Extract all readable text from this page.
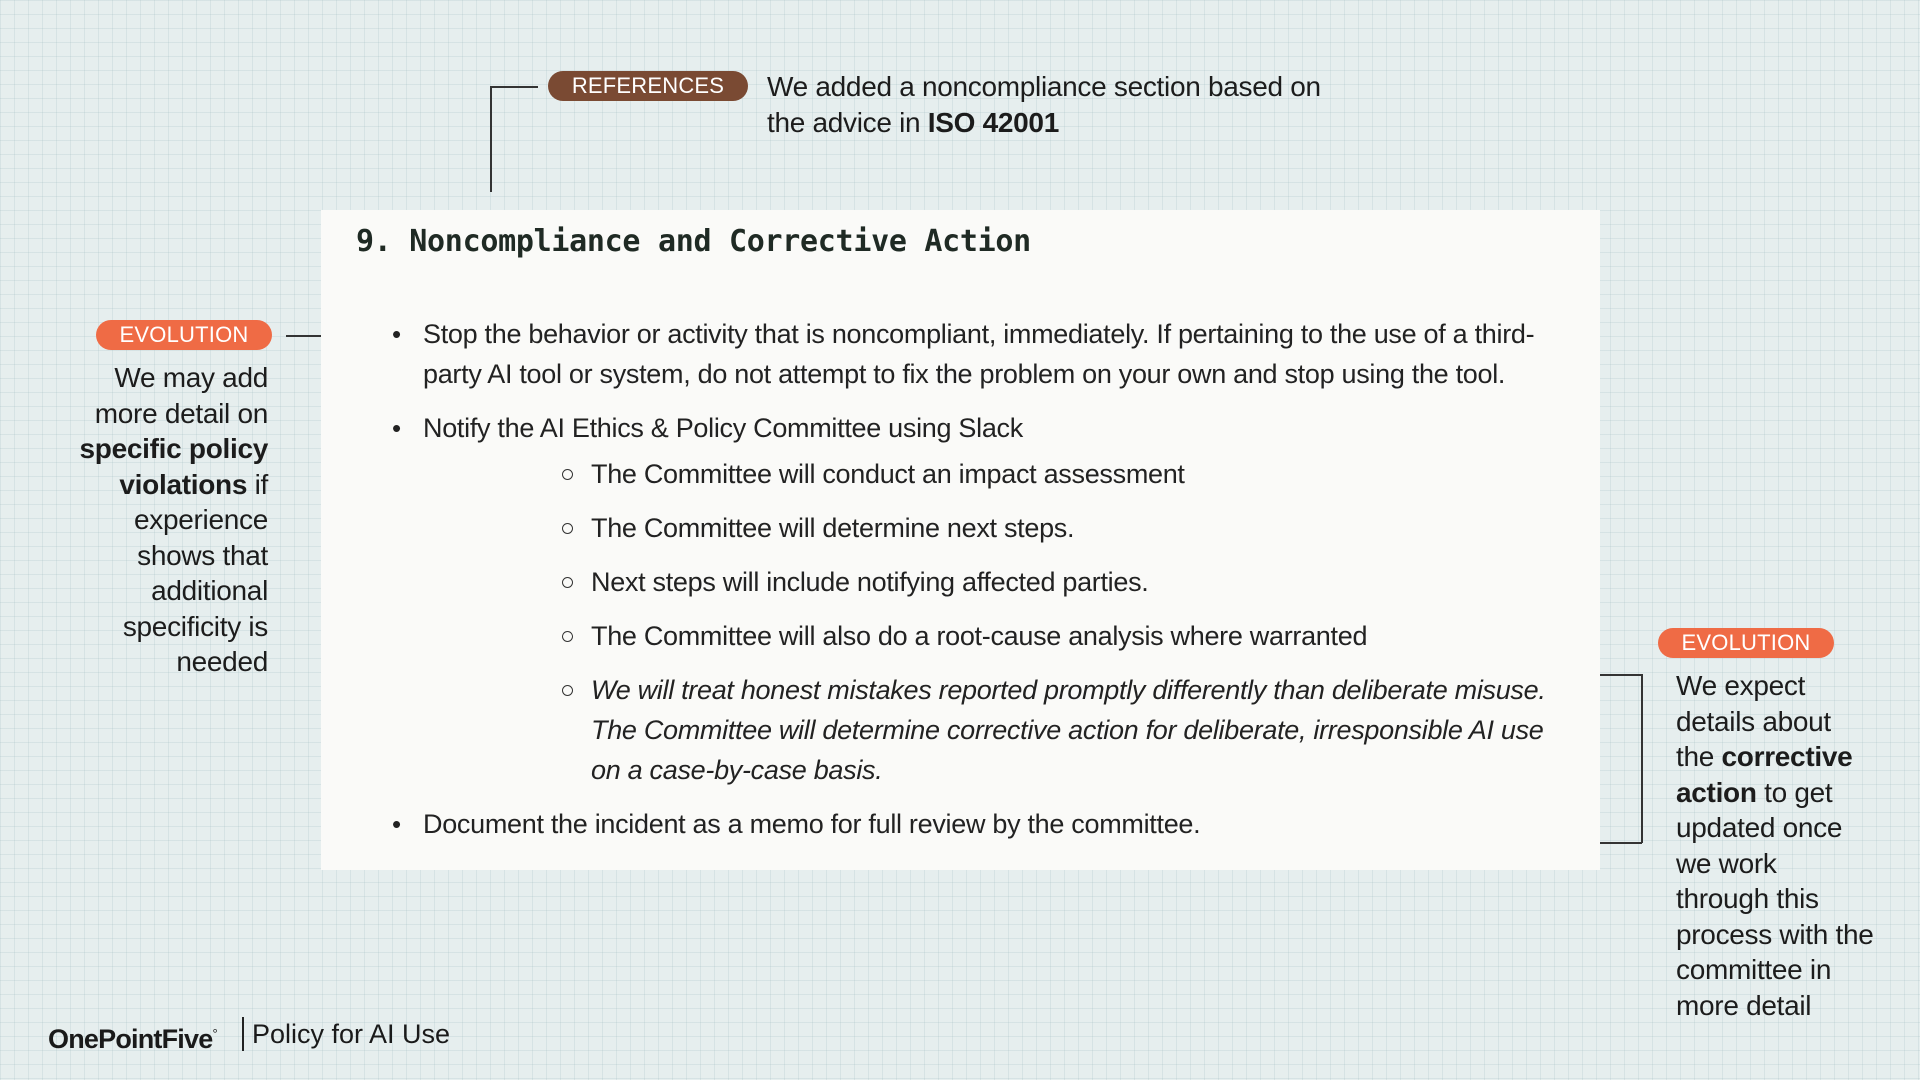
REFERENCES	We added a noncompliance section based on
the advice in ISO 42001
EVOLUTION
We may add more detail on specific policy violations if experience shows that additional specificity is needed
EVOLUTION
We expect details about the corrective action to get updated once we work through this process with the committee in more detail
9. Noncompliance and Corrective Action
• Stop the behavior or activity that is noncompliant, immediately. If pertaining to the use of a third-party AI tool or system, do not attempt to fix the problem on your own and stop using the tool.
• Notify the AI Ethics & Policy Committee using Slack
The Committee will conduct an impact assessment
The Committee will determine next steps.
Next steps will include notifying affected parties.
The Committee will also do a root-cause analysis where warranted
We will treat honest mistakes reported promptly differently than deliberate misuse. The Committee will determine corrective action for deliberate, irresponsible AI use on a case-by-case basis.
• Document the incident as a memo for full review by the committee.
OnePointFive° Policy for AI Use
